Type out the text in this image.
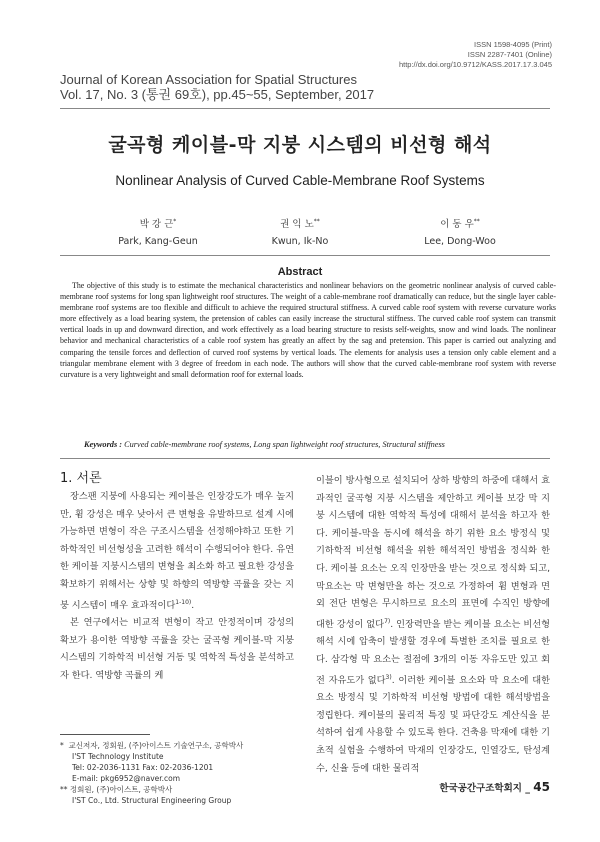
ISSN 1598-4095 (Print)
ISSN 2287-7401 (Online)
http://dx.doi.org/10.9712/KASS.2017.17.3.045
Journal of Korean Association for Spatial Structures
Vol. 17, No. 3 (통권 69호), pp.45~55, September, 2017
굴곡형 케이블-막 지붕 시스템의 비선형 해석
Nonlinear Analysis of Curved Cable-Membrane Roof Systems
박 강 근*
Park, Kang-Geun
권 익 노**
Kwun, Ik-No
이 동 우**
Lee, Dong-Woo
Abstract

The objective of this study is to estimate the mechanical characteristics and nonlinear behaviors on the geometric nonlinear analysis of curved cable-membrane roof systems for long span lightweight roof structures. The weight of a cable-membrane roof dramatically can reduce, but the single layer cable-membrane roof systems are too flexible and difficult to achieve the required structural stiffness. A curved cable roof system with reverse curvature works more effectively as a load bearing system, the pretension of cables can easily increase the structural stiffness. The curved cable roof system can transmit vertical loads in up and downward direction, and work effectively as a load bearing structure to resists self-weights, snow and wind loads. The nonlinear behavior and mechanical characteristics of a cable roof system has greatly an affect by the sag and pretension. This paper is carried out analyzing and comparing the tensile forces and deflection of curved roof systems by vertical loads. The elements for analysis uses a tension only cable element and a triangular membrane element with 3 degree of freedom in each node. The authors will show that the curved cable-membrane roof system with reverse curvature is a very lightweight and small deformation roof for external loads.

Keywords : Curved cable-membrane roof systems, Long span lightweight roof structures, Structural stiffness
1. 서론

장스팬 지붕에 사용되는 케이블은 인장강도가 매우 높지만, 휨 강성은 매우 낮아서 큰 변형을 유발하므로 설계 시에 가능하면 변형이 작은 구조시스템을 선정해야하고 또한 기하학적인 비선형성을 고려한 해석이 수행되어야 한다. 유연한 케이블 지붕시스템의 변형을 최소화 하고 필요한 강성을 확보하기 위해서는 상향 및 하향의 역방향 곡률을 갖는 지붕 시스템이 매우 효과적이다$^{1-10)}$.

본 연구에서는 비교적 변형이 작고 안정적이며 강성의 확보가 용이한 역방향 곡률을 갖는 굴곡형 케이블-막 지붕 시스템의 기하학적 비선형 거동 및 역학적 특성을 분석하고자 한다. 역방향 곡률의 케

이블이 방사형으로 설치되어 상하 방향의 하중에 대해서 효과적인 굴곡형 지붕 시스템을 제안하고 케이블 보강 막 지붕 시스템에 대한 역학적 특성에 대해서 분석을 하고자 한다. 케이블-막을 동시에 해석을 하기 위한 요소 방정식 및 기하학적 비선형 해석을 위한 해석적인 방법을 정식화 한다. 케이블 요소는 오직 인장만을 받는 것으로 정식화 되고, 막요소는 막 변형만을 하는 것으로 가정하여 휨 변형과 면외 전단 변형은 무시하므로 요소의 표면에 수직인 방향에 대한 강성이 없다$^{7)}$. 인장력만을 받는 케이블 요소는 비선형 해석 시에 압축이 발생할 경우에 특별한 조치를 필요로 한다. 삼각형 막 요소는 절점에 3개의 이동 자유도만 있고 회전 자유도가 없다$^{3)}$. 이러한 케이블 요소와 막 요소에 대한 요소 방정식 및 기하학적 비선형 방법에 대한 해석방법을 정립한다. 케이블의 물리적 특징 및 파단강도 계산식을 분석하여 쉽게 사용할 수 있도록 한다. 건축용 막재에 대한 기초적 실험을 수행하여 막재의 인장강도, 인열강도, 탄성계수, 신율 등에 대한 물리적

* 교신저자, 정회원, (주)아이스트 기술연구소, 공학박사
I'ST Technology Institute
Tel: 02-2036-1131 Fax: 02-2036-1201
E-mail: pkg6952@naver.com
** 정회원, (주)아이스트, 공학박사
I'ST Co., Ltd. Structural Engineering Group
한국공간구조학회지 _ 45
